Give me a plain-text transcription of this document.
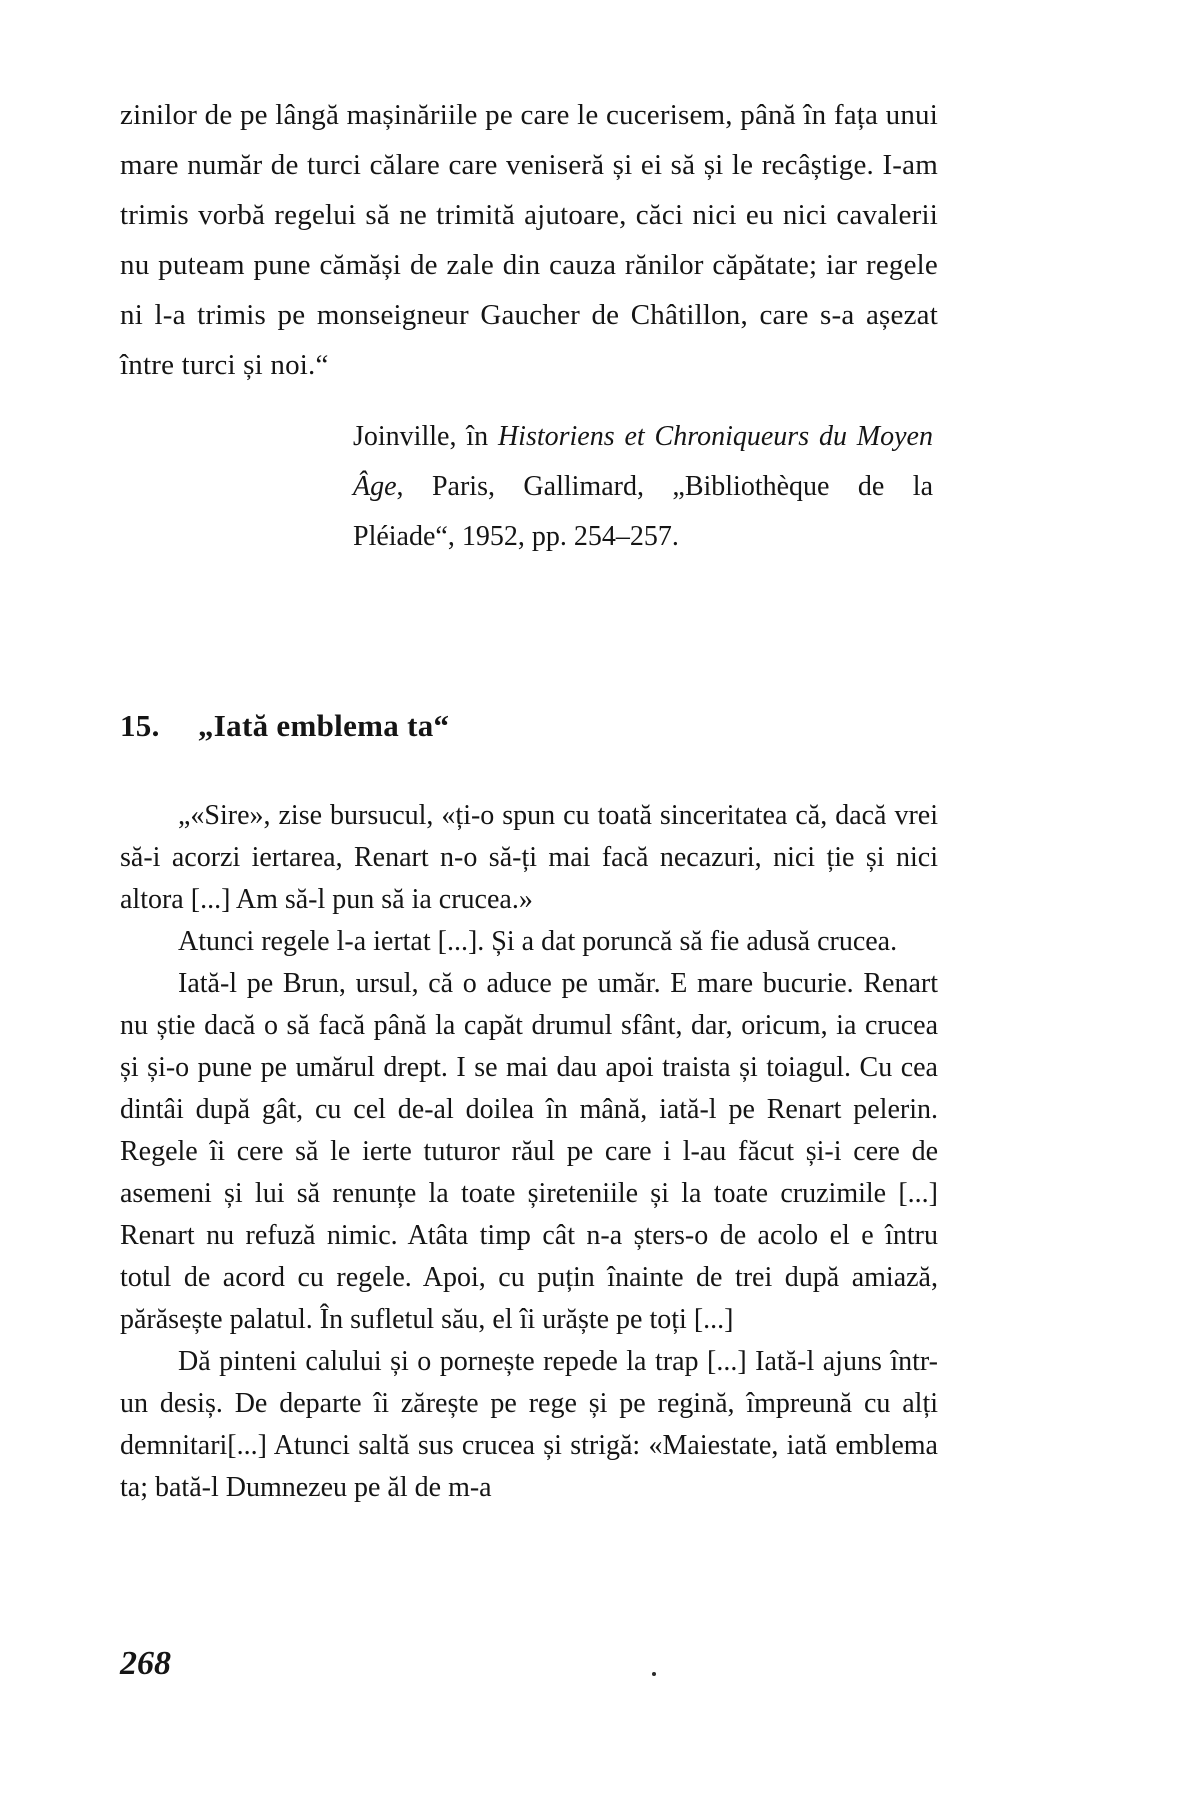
zinilor de pe lângă mașinăriile pe care le cucerisem, până în fața unui mare număr de turci călare care veniseră și ei să și le recâștige. I-am trimis vorbă regelui să ne trimită ajutoare, căci nici eu nici cavalerii nu puteam pune cămăși de zale din cauza rănilor căpătate; iar regele ni l-a trimis pe monseigneur Gaucher de Châtillon, care s-a așezat între turci și noi.“
Joinville, în Historiens et Chroniqueurs du Moyen Âge, Paris, Gallimard, „Bibliothèque de la Pléiade“, 1952, pp. 254–257.
15. „Iată emblema ta“

„«Sire», zise bursucul, «ți-o spun cu toată sinceritatea că, dacă vrei să-i acorzi iertarea, Renart n-o să-ți mai facă necazuri, nici ție și nici altora [...] Am să-l pun să ia crucea.»

Atunci regele l-a iertat [...]. Și a dat poruncă să fie adusă crucea.

Iată-l pe Brun, ursul, că o aduce pe umăr. E mare bucurie. Renart nu știe dacă o să facă până la capăt drumul sfânt, dar, oricum, ia crucea și și-o pune pe umărul drept. I se mai dau apoi traista și toiagul. Cu cea dintâi după gât, cu cel de-al doilea în mână, iată-l pe Renart pelerin. Regele îi cere să le ierte tuturor răul pe care i l-au făcut și-i cere de asemeni și lui să renunțe la toate șireteniile și la toate cruzimile [...] Renart nu refuză nimic. Atâta timp cât n-a șters-o de acolo el e întru totul de acord cu regele. Apoi, cu puțin înainte de trei după amiază, părăsește palatul. În sufletul său, el îi urăște pe toți [...]

Dă pinteni calului și o pornește repede la trap [...] Iată-l ajuns într-un desiș. De departe îi zărește pe rege și pe regină, împreună cu alți demnitari[...] Atunci saltă sus crucea și strigă: «Maiestate, iată emblema ta; bată-l Dumnezeu pe ăl de m-a

268
